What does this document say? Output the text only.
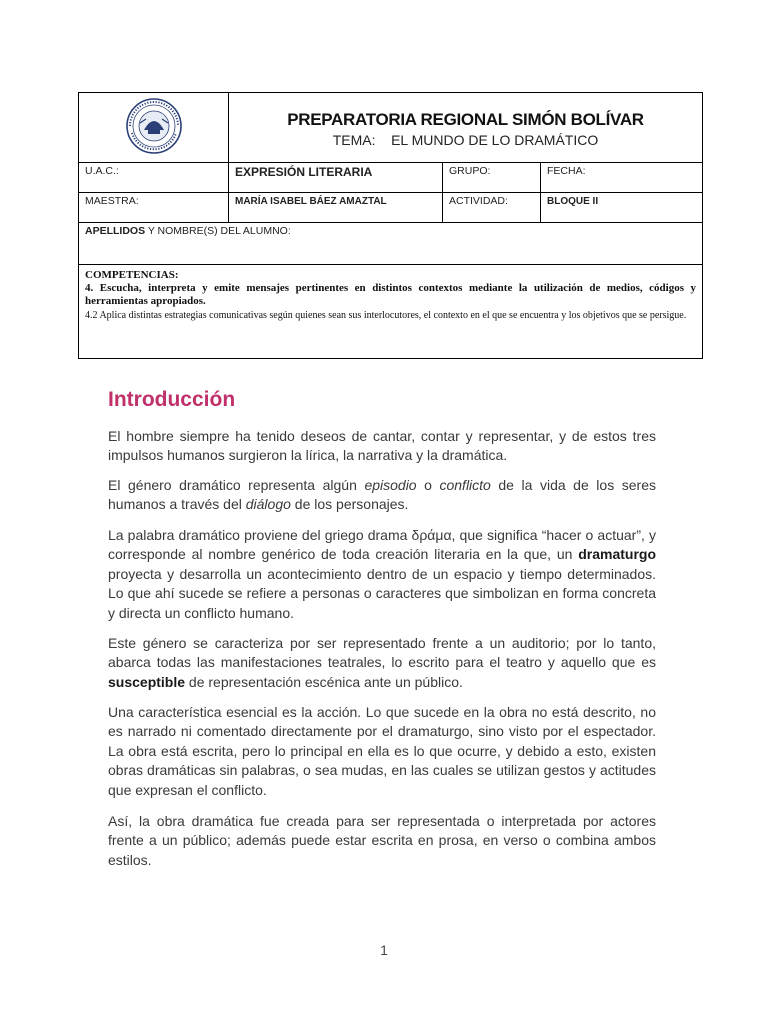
PREPARATORIA REGIONAL SIMÓN BOLÍVAR
TEMA: EL MUNDO DE LO DRAMÁTICO		

U.A.C.:	EXPRESIÓN LITERARIA	GRUPO:	FECHA:
MAESTRA:	MARÍA ISABEL BÁEZ AMAZTAL	ACTIVIDAD:	BLOQUE II
APELLIDOS Y NOMBRE(S) DEL ALUMNO:			

COMPETENCIAS:
4. Escucha, interpreta y emite mensajes pertinentes en distintos contextos mediante la utilización de medios, códigos y herramientas apropiados.
4.2 Aplica distintas estrategias comunicativas según quienes sean sus interlocutores, el contexto en el que se encuentra y los objetivos que se persigue.			
Introducción

El hombre siempre ha tenido deseos de cantar, contar y representar, y de estos tres impulsos humanos surgieron la lírica, la narrativa y la dramática.

El género dramático representa algún episodio o conflicto de la vida de los seres humanos a través del diálogo de los personajes.

La palabra dramático proviene del griego drama δράμα, que significa “hacer o actuar”, y corresponde al nombre genérico de toda creación literaria en la que, un dramaturgo proyecta y desarrolla un acontecimiento dentro de un espacio y tiempo determinados. Lo que ahí sucede se refiere a personas o caracteres que simbolizan en forma concreta y directa un conflicto humano.

Este género se caracteriza por ser representado frente a un auditorio; por lo tanto, abarca todas las manifestaciones teatrales, lo escrito para el teatro y aquello que es susceptible de representación escénica ante un público.

Una característica esencial es la acción. Lo que sucede en la obra no está descrito, no es narrado ni comentado directamente por el dramaturgo, sino visto por el espectador. La obra está escrita, pero lo principal en ella es lo que ocurre, y debido a esto, existen obras dramáticas sin palabras, o sea mudas, en las cuales se utilizan gestos y actitudes que expresan el conflicto.

Así, la obra dramática fue creada para ser representada o interpretada por actores frente a un público; además puede estar escrita en prosa, en verso o combina ambos estilos.

1
